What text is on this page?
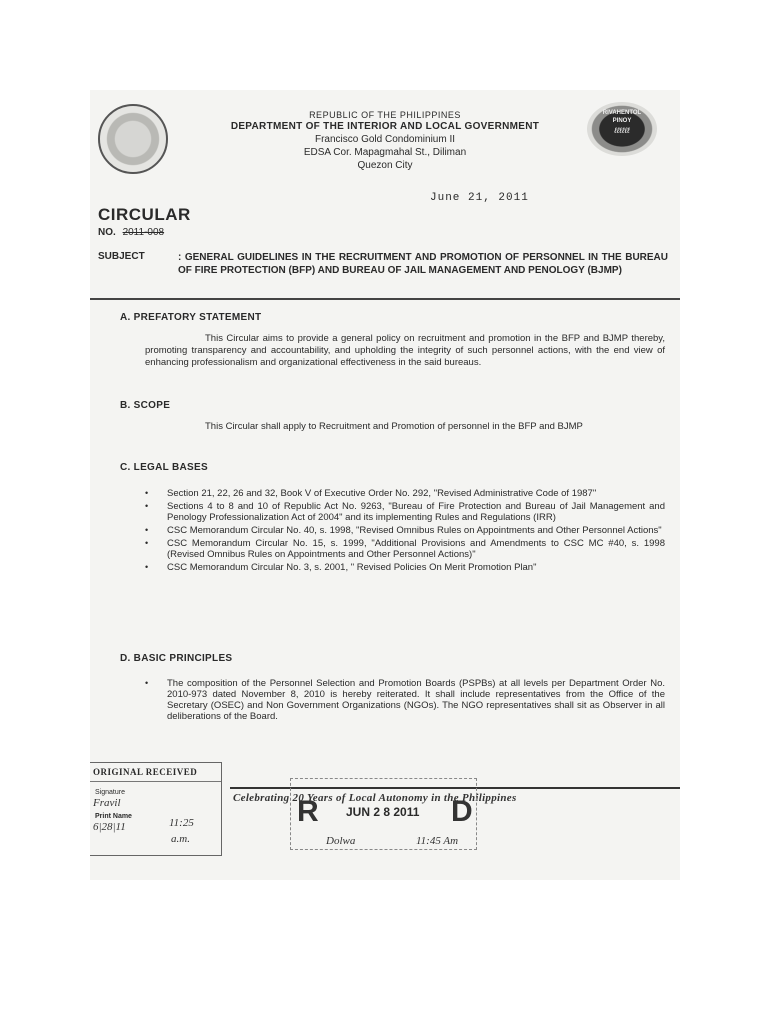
RIVAHENTOL
PINOY
ℓℓℓℓℓℓ
REPUBLIC OF THE PHILIPPINES
DEPARTMENT OF THE INTERIOR AND LOCAL GOVERNMENT
Francisco Gold Condominium II
EDSA Cor. Mapagmahal St., Diliman
Quezon City
June 21, 2011
CIRCULAR
NO. 2011-008
SUBJECT	: GENERAL GUIDELINES IN THE RECRUITMENT AND PROMOTION OF PERSONNEL IN THE BUREAU OF FIRE PROTECTION (BFP) AND BUREAU OF JAIL MANAGEMENT AND PENOLOGY (BJMP)
A. PREFATORY STATEMENT
This Circular aims to provide a general policy on recruitment and promotion in the BFP and BJMP thereby, promoting transparency and accountability, and upholding the integrity of such personnel actions, with the end view of enhancing professionalism and organizational effectiveness in the said bureaus.
B. SCOPE
This Circular shall apply to Recruitment and Promotion of personnel in the BFP and BJMP
C. LEGAL BASES
• Section 21, 22, 26 and 32, Book V of Executive Order No. 292, "Revised Administrative Code of 1987"
• Sections 4 to 8 and 10 of Republic Act No. 9263, "Bureau of Fire Protection and Bureau of Jail Management and Penology Professionalization Act of 2004" and its implementing Rules and Regulations (IRR)
• CSC Memorandum Circular No. 40, s. 1998, "Revised Omnibus Rules on Appointments and Other Personnel Actions"
• CSC Memorandum Circular No. 15, s. 1999, "Additional Provisions and Amendments to CSC MC #40, s. 1998 (Revised Omnibus Rules on Appointments and Other Personnel Actions)"
• CSC Memorandum Circular No. 3, s. 2001, " Revised Policies On Merit Promotion Plan"
D. BASIC PRINCIPLES
• The composition of the Personnel Selection and Promotion Boards (PSPBs) at all levels per Department Order No. 2010-973 dated November 8, 2010 is hereby reiterated. It shall include representatives from the Office of the Secretary (OSEC) and Non Government Organizations (NGOs). The NGO representatives shall sit as Observer in all deliberations of the Board.
Celebrating 20 Years of Local Autonomy in the Philippines
ORIGINAL RECEIVED
Signature
Fravil
Print Name
6|28|11	11:25
a.m.
R JUN 2 8 2011 D
Dolwa	11:45 Am
